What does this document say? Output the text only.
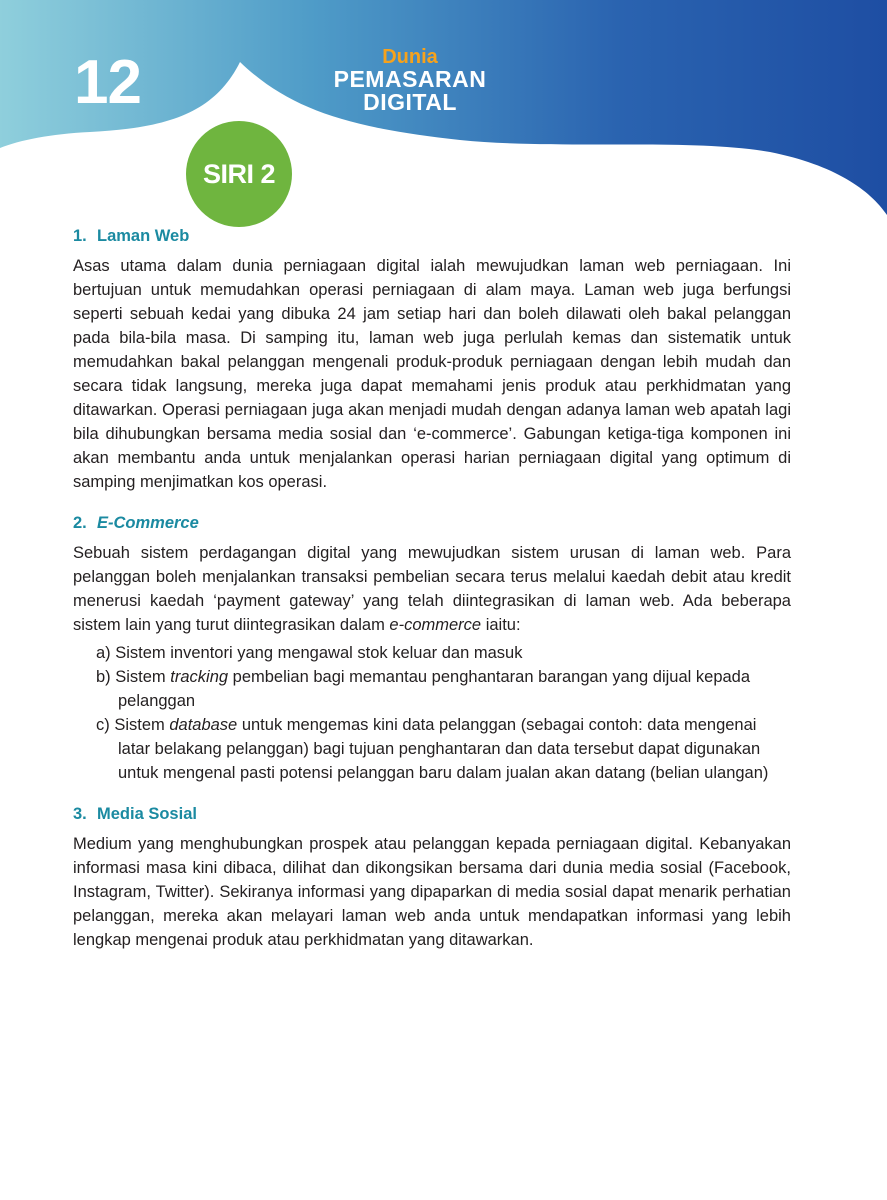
12	Dunia
PEMASARAN
DIGITAL
SIRI 2
1. Laman Web

Asas utama dalam dunia perniagaan digital ialah mewujudkan laman web perniagaan. Ini bertujuan untuk memudahkan operasi perniagaan di alam maya. Laman web juga berfungsi seperti sebuah kedai yang dibuka 24 jam setiap hari dan boleh dilawati oleh bakal pelanggan pada bila-bila masa. Di samping itu, laman web juga perlulah kemas dan sistematik untuk memudahkan bakal pelanggan mengenali produk-produk perniagaan dengan lebih mudah dan secara tidak langsung, mereka juga dapat memahami jenis produk atau perkhidmatan yang ditawarkan. Operasi perniagaan juga akan menjadi mudah dengan adanya laman web apatah lagi bila dihubungkan bersama media sosial dan ‘e-commerce’. Gabungan ketiga-tiga komponen ini akan membantu anda untuk menjalankan operasi harian perniagaan digital yang optimum di samping menjimatkan kos operasi.

2. E-Commerce

Sebuah sistem perdagangan digital yang mewujudkan sistem urusan di laman web. Para pelanggan boleh menjalankan transaksi pembelian secara terus melalui kaedah debit atau kredit menerusi kaedah ‘payment gateway’ yang telah diintegrasikan di laman web. Ada beberapa sistem lain yang turut diintegrasikan dalam e-commerce iaitu:

a) Sistem inventori yang mengawal stok keluar dan masuk
b) Sistem tracking pembelian bagi memantau penghantaran barangan yang dijual kepada pelanggan
c) Sistem database untuk mengemas kini data pelanggan (sebagai contoh: data mengenai latar belakang pelanggan) bagi tujuan penghantaran dan data tersebut dapat digunakan untuk mengenal pasti potensi pelanggan baru dalam jualan akan datang (belian ulangan)
3. Media Sosial

Medium yang menghubungkan prospek atau pelanggan kepada perniagaan digital. Kebanyakan informasi masa kini dibaca, dilihat dan dikongsikan bersama dari dunia media sosial (Facebook, Instagram, Twitter). Sekiranya informasi yang dipaparkan di media sosial dapat menarik perhatian pelanggan, mereka akan melayari laman web anda untuk mendapatkan informasi yang lebih lengkap mengenai produk atau perkhidmatan yang ditawarkan.
